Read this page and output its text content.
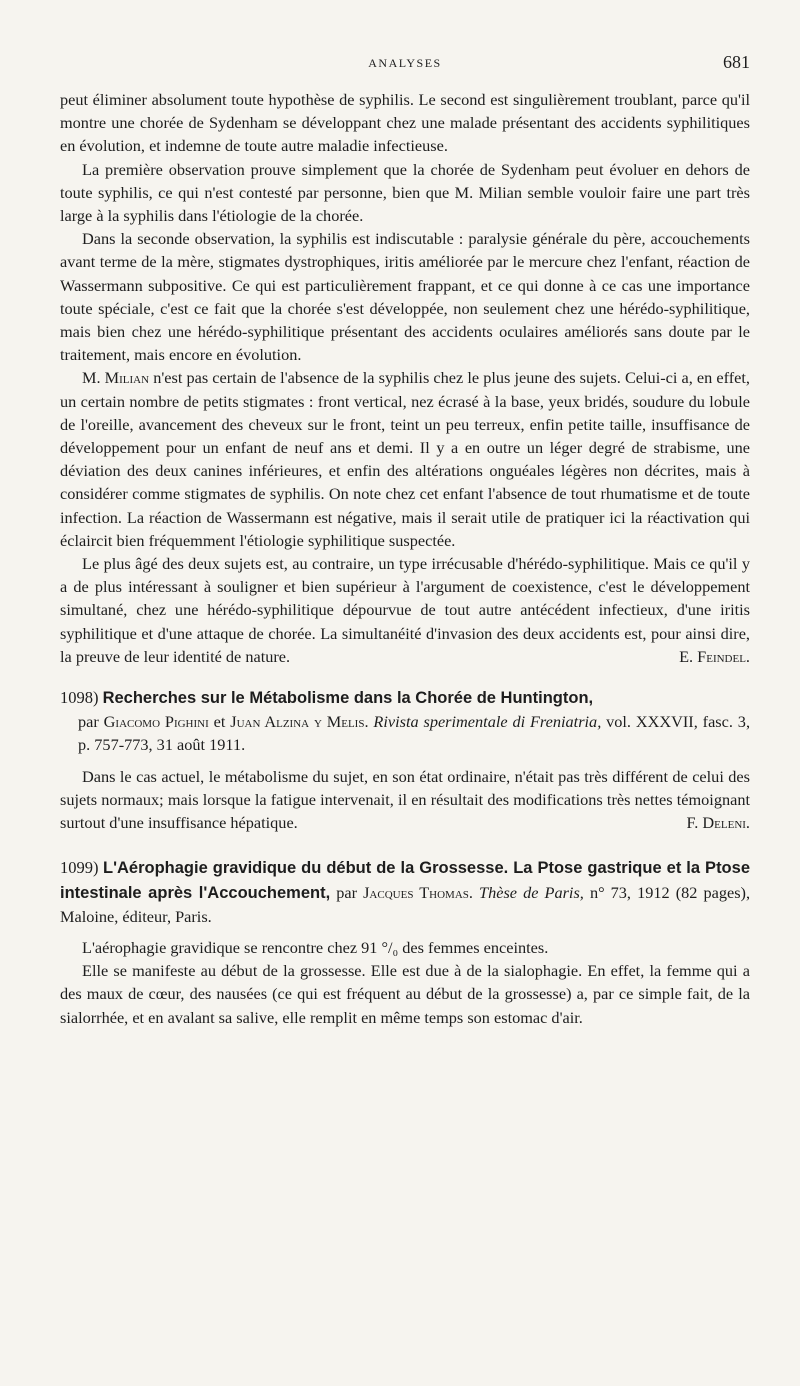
ANALYSES	681

peut éliminer absolument toute hypothèse de syphilis. Le second est singulièrement troublant, parce qu'il montre une chorée de Sydenham se développant chez une malade présentant des accidents syphilitiques en évolution, et indemne de toute autre maladie infectieuse.

La première observation prouve simplement que la chorée de Sydenham peut évoluer en dehors de toute syphilis, ce qui n'est contesté par personne, bien que M. Milian semble vouloir faire une part très large à la syphilis dans l'étiologie de la chorée.

Dans la seconde observation, la syphilis est indiscutable : paralysie générale du père, accouchements avant terme de la mère, stigmates dystrophiques, iritis améliorée par le mercure chez l'enfant, réaction de Wassermann subpositive. Ce qui est particulièrement frappant, et ce qui donne à ce cas une importance toute spéciale, c'est ce fait que la chorée s'est développée, non seulement chez une hérédo-syphilitique, mais bien chez une hérédo-syphilitique présentant des accidents oculaires améliorés sans doute par le traitement, mais encore en évolution.

M. Milian n'est pas certain de l'absence de la syphilis chez le plus jeune des sujets. Celui-ci a, en effet, un certain nombre de petits stigmates : front vertical, nez écrasé à la base, yeux bridés, soudure du lobule de l'oreille, avancement des cheveux sur le front, teint un peu terreux, enfin petite taille, insuffisance de développement pour un enfant de neuf ans et demi. Il y a en outre un léger degré de strabisme, une déviation des deux canines inférieures, et enfin des altérations onguéales légères non décrites, mais à considérer comme stigmates de syphilis. On note chez cet enfant l'absence de tout rhumatisme et de toute infection. La réaction de Wassermann est négative, mais il serait utile de pratiquer ici la réactivation qui éclaircit bien fréquemment l'étiologie syphilitique suspectée.

Le plus âgé des deux sujets est, au contraire, un type irrécusable d'hérédo-syphilitique. Mais ce qu'il y a de plus intéressant à souligner et bien supérieur à l'argument de coexistence, c'est le développement simultané, chez une hérédo-syphilitique dépourvue de tout autre antécédent infectieux, d'une iritis syphilitique et d'une attaque de chorée. La simultanéité d'invasion des deux accidents est, pour ainsi dire, la preuve de leur identité de nature.	E. Feindel.

1098) Recherches sur le Métabolisme dans la Chorée de Huntington,
par Giacomo Pighini et Juan Alzina y Melis. Rivista sperimentale di Freniatria, vol. XXXVII, fasc. 3, p. 757-773, 31 août 1911.

Dans le cas actuel, le métabolisme du sujet, en son état ordinaire, n'était pas très différent de celui des sujets normaux; mais lorsque la fatigue intervenait, il en résultait des modifications très nettes témoignant surtout d'une insuffisance hépatique.	F. Deleni.

1099) L'Aérophagie gravidique du début de la Grossesse. La Ptose gastrique et la Ptose intestinale après l'Accouchement, par Jacques Thomas. Thèse de Paris, n° 73, 1912 (82 pages), Maloine, éditeur, Paris.

L'aérophagie gravidique se rencontre chez 91 °/₀ des femmes enceintes.

Elle se manifeste au début de la grossesse. Elle est due à de la sialophagie. En effet, la femme qui a des maux de cœur, des nausées (ce qui est fréquent au début de la grossesse) a, par ce simple fait, de la sialorrhée, et en avalant sa salive, elle remplit en même temps son estomac d'air.
